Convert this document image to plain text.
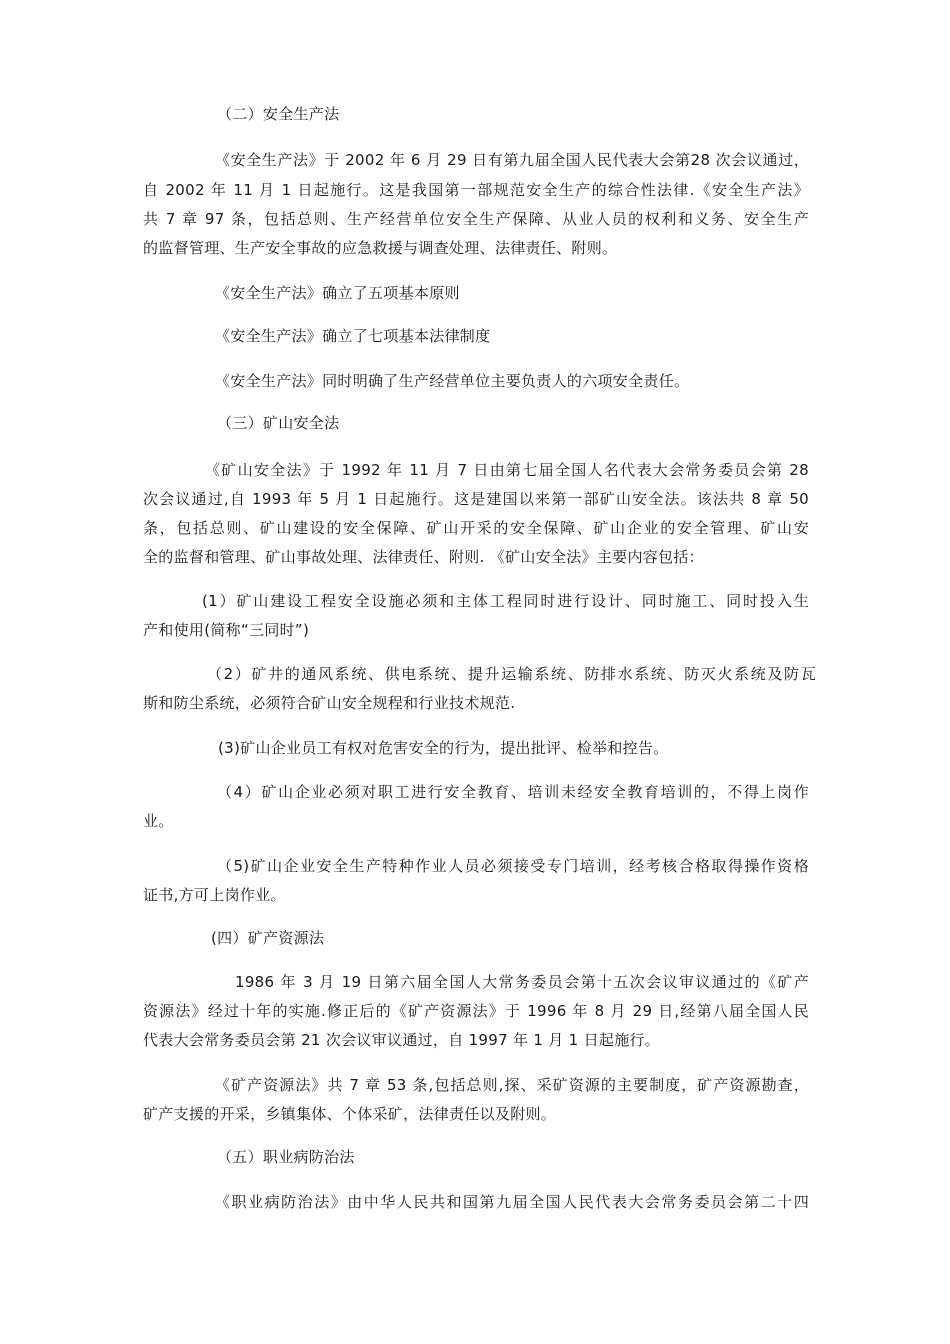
（二）安全生产法
《安全生产法》于 2002 年 6 月 29 日有第九届全国人民代表大会第28 次会议通过，
自 2002 年 11 月 1 日起施行。这是我国第一部规范安全生产的综合性法律.《安全生产法》
共 7 章 97 条，包括总则、生产经营单位安全生产保障、从业人员的权利和义务、安全生产
的监督管理、生产安全事故的应急救援与调查处理、法律责任、附则。
《安全生产法》确立了五项基本原则
《安全生产法》确立了七项基本法律制度
《安全生产法》同时明确了生产经营单位主要负责人的六项安全责任。
（三）矿山安全法
《矿山安全法》于 1992 年 11 月 7 日由第七届全国人名代表大会常务委员会第 28
次会议通过,自 1993 年 5 月 1 日起施行。这是建国以来第一部矿山安全法。该法共 8 章 50
条，包括总则、矿山建设的安全保障、矿山开采的安全保障、矿山企业的安全管理、矿山安
全的监督和管理、矿山事故处理、法律责任、附则. 《矿山安全法》主要内容包括：
(1）矿山建设工程安全设施必须和主体工程同时进行设计、同时施工、同时投入生
产和使用(简称“三同时”)
（2）矿井的通风系统、供电系统、提升运输系统、防排水系统、防灭火系统及防瓦
斯和防尘系统，必须符合矿山安全规程和行业技术规范.
(3)矿山企业员工有权对危害安全的行为，提出批评、检举和控告。
（4）矿山企业必须对职工进行安全教育、培训未经安全教育培训的，不得上岗作
业。
（5)矿山企业安全生产特种作业人员必须接受专门培训，经考核合格取得操作资格
证书,方可上岗作业。
(四）矿产资源法
1986 年 3 月 19 日第六届全国人大常务委员会第十五次会议审议通过的《矿产
资源法》经过十年的实施.修正后的《矿产资源法》于 1996 年 8 月 29 日,经第八届全国人民
代表大会常务委员会第 21 次会议审议通过，自 1997 年 1 月 1 日起施行。
《矿产资源法》共 7 章 53 条,包括总则,探、采矿资源的主要制度，矿产资源勘查，
矿产支援的开采，乡镇集体、个体采矿，法律责任以及附则。
（五）职业病防治法
《职业病防治法》由中华人民共和国第九届全国人民代表大会常务委员会第二十四
